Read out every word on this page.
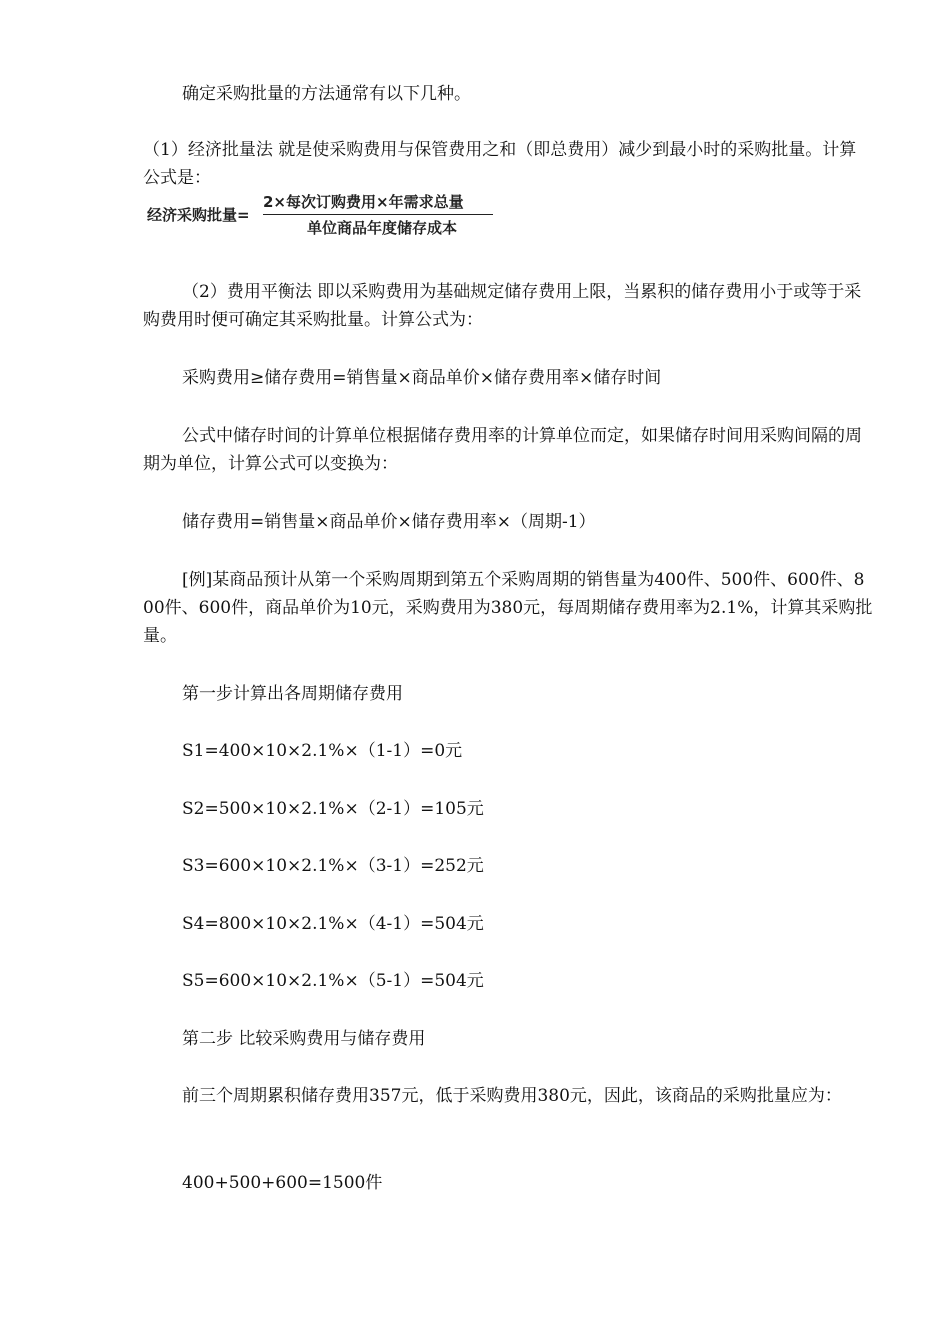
确定采购批量的方法通常有以下几种。

（1）经济批量法 就是使采购费用与保管费用之和（即总费用）减少到最小时的采购批量。计算公式是：

经济采购批量=
2×每次订购费用×年需求总量
单位商品年度储存成本

（2）费用平衡法 即以采购费用为基础规定储存费用上限，当累积的储存费用小于或等于采购费用时便可确定其采购批量。计算公式为：

采购费用≥储存费用=销售量×商品单价×储存费用率×储存时间

公式中储存时间的计算单位根据储存费用率的计算单位而定，如果储存时间用采购间隔的周期为单位，计算公式可以变换为：

储存费用=销售量×商品单价×储存费用率×（周期-1）

[例]某商品预计从第一个采购周期到第五个采购周期的销售量为400件、500件、600件、800件、600件，商品单价为10元，采购费用为380元，每周期储存费用率为2.1%，计算其采购批量。

第一步计算出各周期储存费用

S1=400×10×2.1%×（1-1）=0元

S2=500×10×2.1%×（2-1）=105元

S3=600×10×2.1%×（3-1）=252元

S4=800×10×2.1%×（4-1）=504元

S5=600×10×2.1%×（5-1）=504元

第二步 比较采购费用与储存费用

前三个周期累积储存费用357元，低于采购费用380元，因此，该商品的采购批量应为：

400+500+600=1500件
